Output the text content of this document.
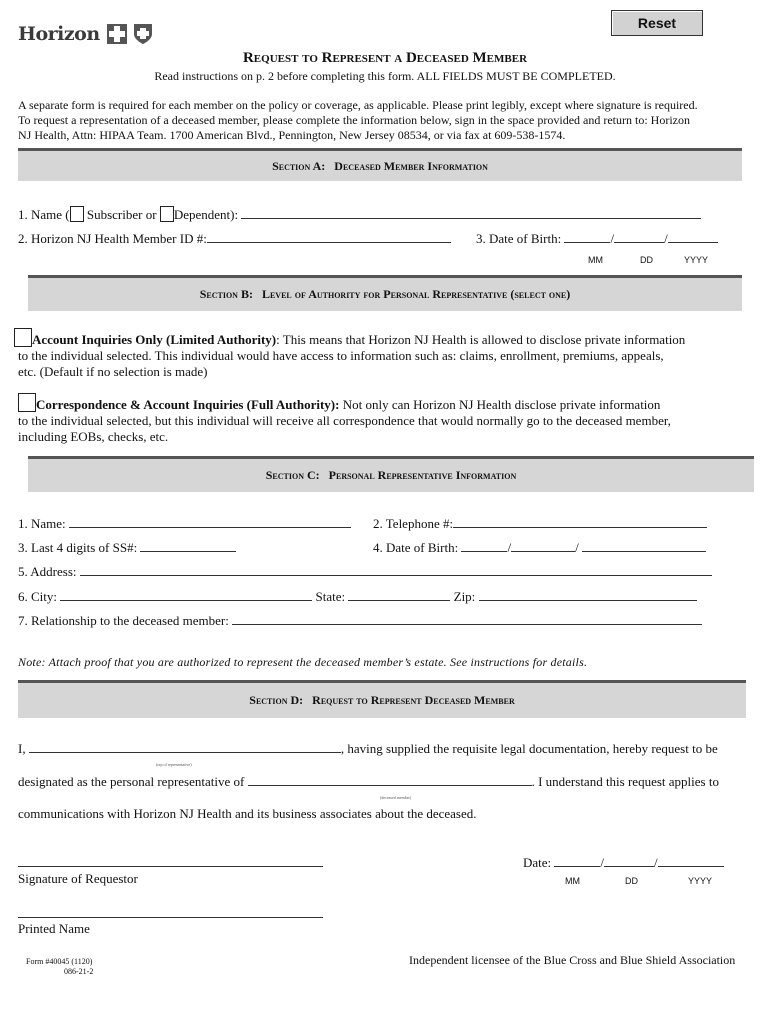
Horizon	Reset
Request to Represent a Deceased Member
Read instructions on p. 2 before completing this form. ALL FIELDS MUST BE COMPLETED.
A separate form is required for each member on the policy or coverage, as applicable. Please print legibly, except where signature is required.
To request a representation of a deceased member, please complete the information below, sign in the space provided and return to: Horizon
NJ Health, Attn: HIPAA Team. 1700 American Blvd., Pennington, New Jersey 08534, or via fax at 609-538-1574.
Section A:   Deceased Member Information
1. Name ( Subscriber or Dependent):
2. Horizon NJ Health Member ID #:	3. Date of Birth:	/	/
MM	DD	YYYY
Section B:   Level of Authority for Personal Representative (select one)
Account Inquiries Only (Limited Authority): This means that Horizon NJ Health is allowed to disclose private information
to the individual selected. This individual would have access to information such as: claims, enrollment, premiums, appeals,
etc. (Default if no selection is made)
Correspondence & Account Inquiries (Full Authority): Not only can Horizon NJ Health disclose private information
to the individual selected, but this individual will receive all correspondence that would normally go to the deceased member,
including EOBs, checks, etc.
Section C:   Personal Representative Information
1. Name:	2. Telephone #:
3. Last 4 digits of SS#:	4. Date of Birth:	/	/
5. Address:
6. City:	State:	Zip:
7. Relationship to the deceased member:
Note: Attach proof that you are authorized to represent the deceased member’s estate. See instructions for details.
Section D:   Request to Represent Deceased Member
I,	, having supplied the requisite legal documentation, hereby request to be
(rep of representative)
designated as the personal representative of	. I understand this request applies to
(deceased member)
communications with Horizon NJ Health and its business associates about the deceased.
Signature of Requestor
Date:	/	/
MM	DD	YYYY
Printed Name
Form #40045 (1120)
086-21-2
Independent licensee of the Blue Cross and Blue Shield Association
